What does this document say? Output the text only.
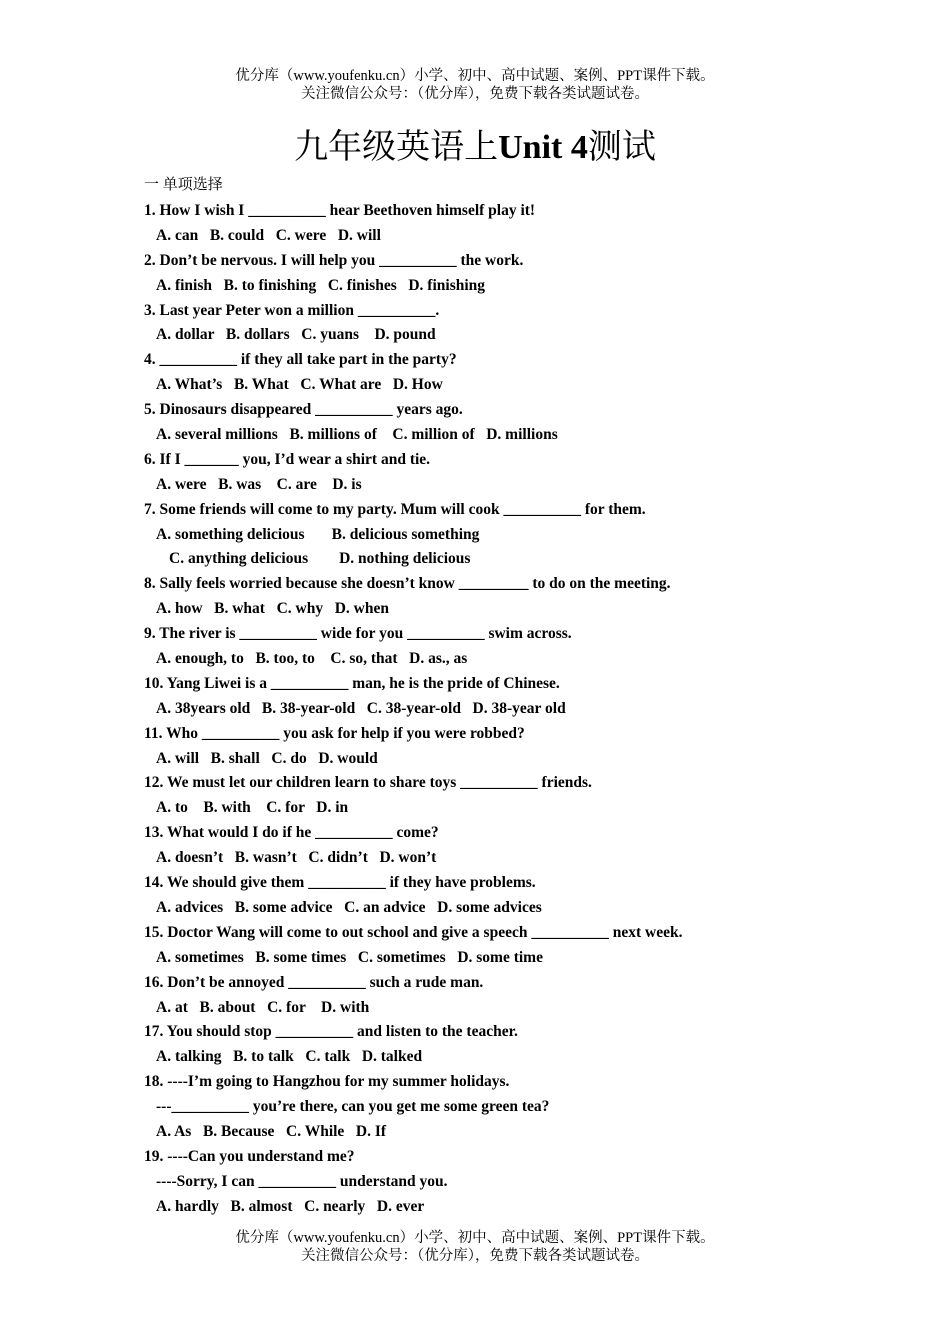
优分库（www.youfenku.cn）小学、初中、高中试题、案例、PPT课件下载。
关注微信公众号：（优分库），免费下载各类试题试卷。
九年级英语上Unit 4测试
一 单项选择
1. How I wish I __________ hear Beethoven himself play it!
A. can   B. could   C. were   D. will
2. Don’t be nervous. I will help you __________ the work.
A. finish   B. to finishing   C. finishes   D. finishing
3. Last year Peter won a million __________.
A. dollar   B. dollars   C. yuans    D. pound
4. __________ if they all take part in the party?
A. What’s   B. What   C. What are   D. How
5. Dinosaurs disappeared __________ years ago.
A. several millions   B. millions of    C. million of   D. millions
6. If I _______ you, I’d wear a shirt and tie.
A. were   B. was    C. are    D. is
7. Some friends will come to my party. Mum will cook __________ for them.
A. something delicious       B. delicious something
C. anything delicious        D. nothing delicious
8. Sally feels worried because she doesn’t know _________ to do on the meeting.
A. how   B. what   C. why   D. when
9. The river is __________ wide for you __________ swim across.
A. enough, to   B. too, to    C. so, that   D. as., as
10. Yang Liwei is a __________ man, he is the pride of Chinese.
A. 38years old   B. 38-year-old   C. 38-year-old   D. 38-year old
11. Who __________ you ask for help if you were robbed?
A. will   B. shall   C. do   D. would
12. We must let our children learn to share toys __________ friends.
A. to    B. with    C. for   D. in
13. What would I do if he __________ come?
A. doesn’t   B. wasn’t   C. didn’t   D. won’t
14. We should give them __________ if they have problems.
A. advices   B. some advice   C. an advice   D. some advices
15. Doctor Wang will come to out school and give a speech __________ next week.
A. sometimes   B. some times   C. sometimes   D. some time
16. Don’t be annoyed __________ such a rude man.
A. at   B. about   C. for    D. with
17. You should stop __________ and listen to the teacher.
A. talking   B. to talk   C. talk   D. talked
18. ----I’m going to Hangzhou for my summer holidays.
---__________ you’re there, can you get me some green tea?
A. As   B. Because   C. While   D. If
19. ----Can you understand me?
----Sorry, I can __________ understand you.
A. hardly   B. almost   C. nearly   D. ever
优分库（www.youfenku.cn）小学、初中、高中试题、案例、PPT课件下载。
关注微信公众号：（优分库），免费下载各类试题试卷。
